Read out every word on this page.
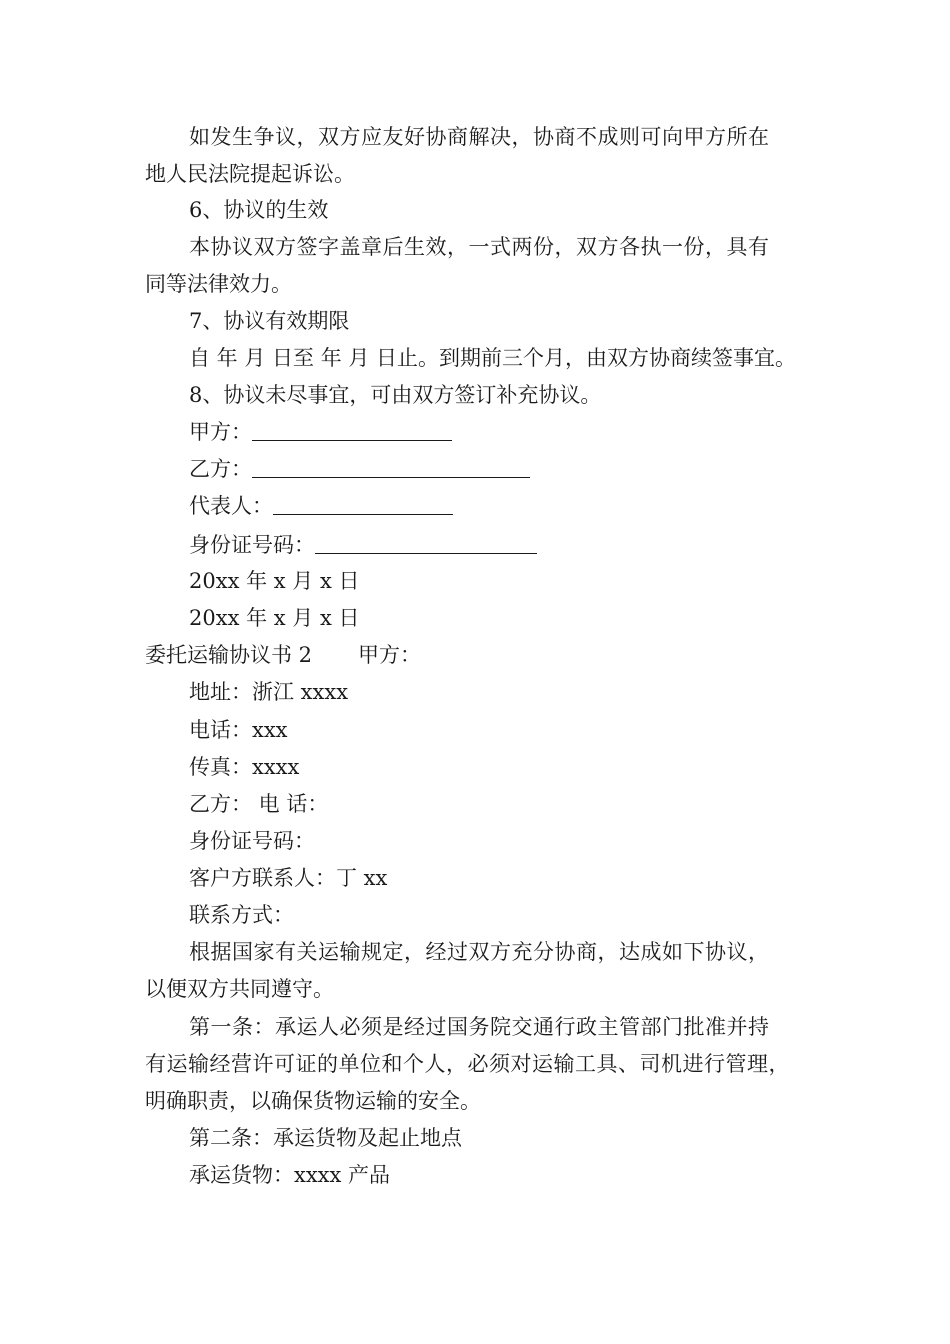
如发生争议，双方应友好协商解决，协商不成则可向甲方所在
地人民法院提起诉讼。
6、协议的生效
本协议双方签字盖章后生效，一式两份，双方各执一份，具有
同等法律效力。
7、协议有效期限
自 年 月 日至 年 月 日止。到期前三个月，由双方协商续签事宜。
8、协议未尽事宜，可由双方签订补充协议。
甲方：
乙方：
代表人：
身份证号码：
20xx 年 x 月 x 日
20xx 年 x 月 x 日
委托运输协议书 2 甲方：
地址：浙江 xxxx
电话：xxx
传真：xxxx
乙方： 电 话：
身份证号码：
客户方联系人：丁 xx
联系方式：
根据国家有关运输规定，经过双方充分协商，达成如下协议，
以便双方共同遵守。
第一条：承运人必须是经过国务院交通行政主管部门批准并持
有运输经营许可证的单位和个人，必须对运输工具、司机进行管理，
明确职责，以确保货物运输的安全。
第二条：承运货物及起止地点
承运货物：xxxx 产品
